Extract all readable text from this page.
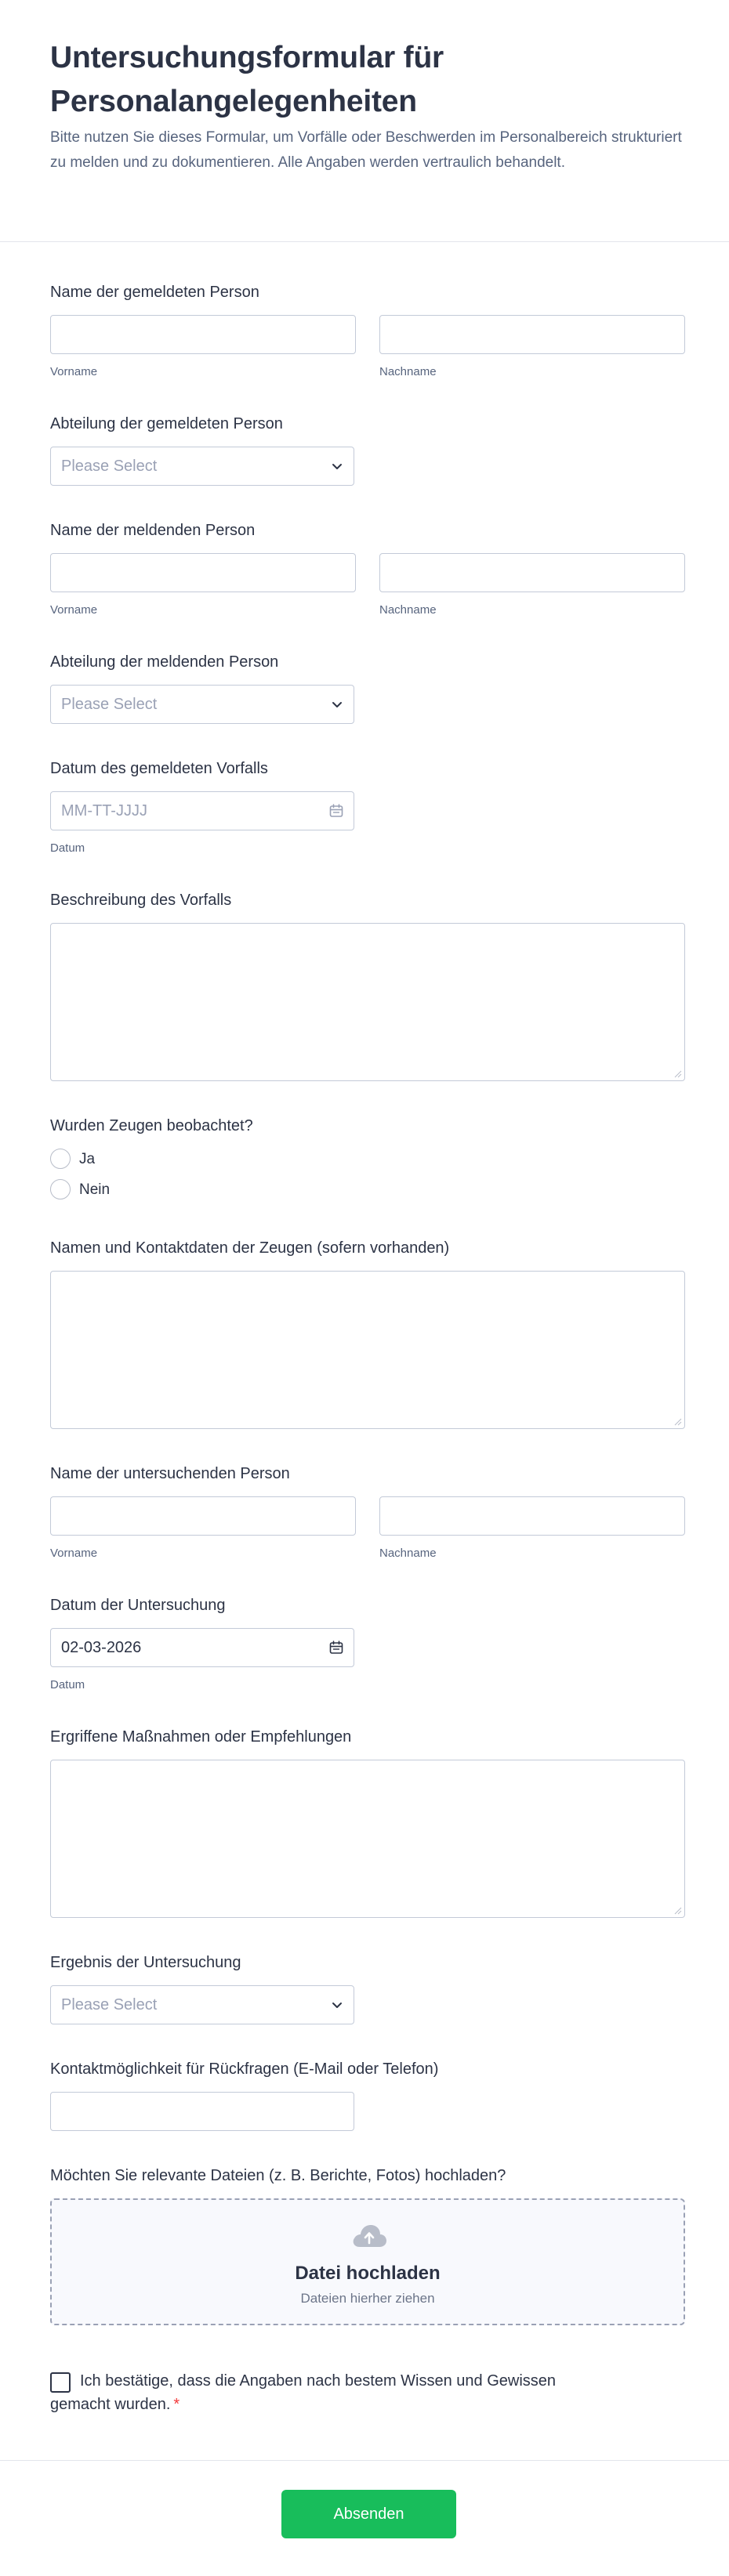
Untersuchungsformular für
Personalangelegenheiten
Bitte nutzen Sie dieses Formular, um Vorfälle oder Beschwerden im Personalbereich strukturiert zu melden und zu dokumentieren. Alle Angaben werden vertraulich behandelt.
Name der gemeldeten Person
Vorname	Nachname
Abteilung der gemeldeten Person
Please Select
Name der meldenden Person
Vorname	Nachname
Abteilung der meldenden Person
Please Select
Datum des gemeldeten Vorfalls
MM-TT-JJJJ
Datum
Beschreibung des Vorfalls
Wurden Zeugen beobachtet?
Ja
Nein
Namen und Kontaktdaten der Zeugen (sofern vorhanden)
Name der untersuchenden Person
Vorname	Nachname
Datum der Untersuchung
02-03-2026
Datum
Ergriffene Maßnahmen oder Empfehlungen
Ergebnis der Untersuchung
Please Select
Kontaktmöglichkeit für Rückfragen (E-Mail oder Telefon)
Möchten Sie relevante Dateien (z. B. Berichte, Fotos) hochladen?
Datei hochladen
Dateien hierher ziehen
Ich bestätige, dass die Angaben nach bestem Wissen und Gewissen gemacht wurden. *
Absenden
